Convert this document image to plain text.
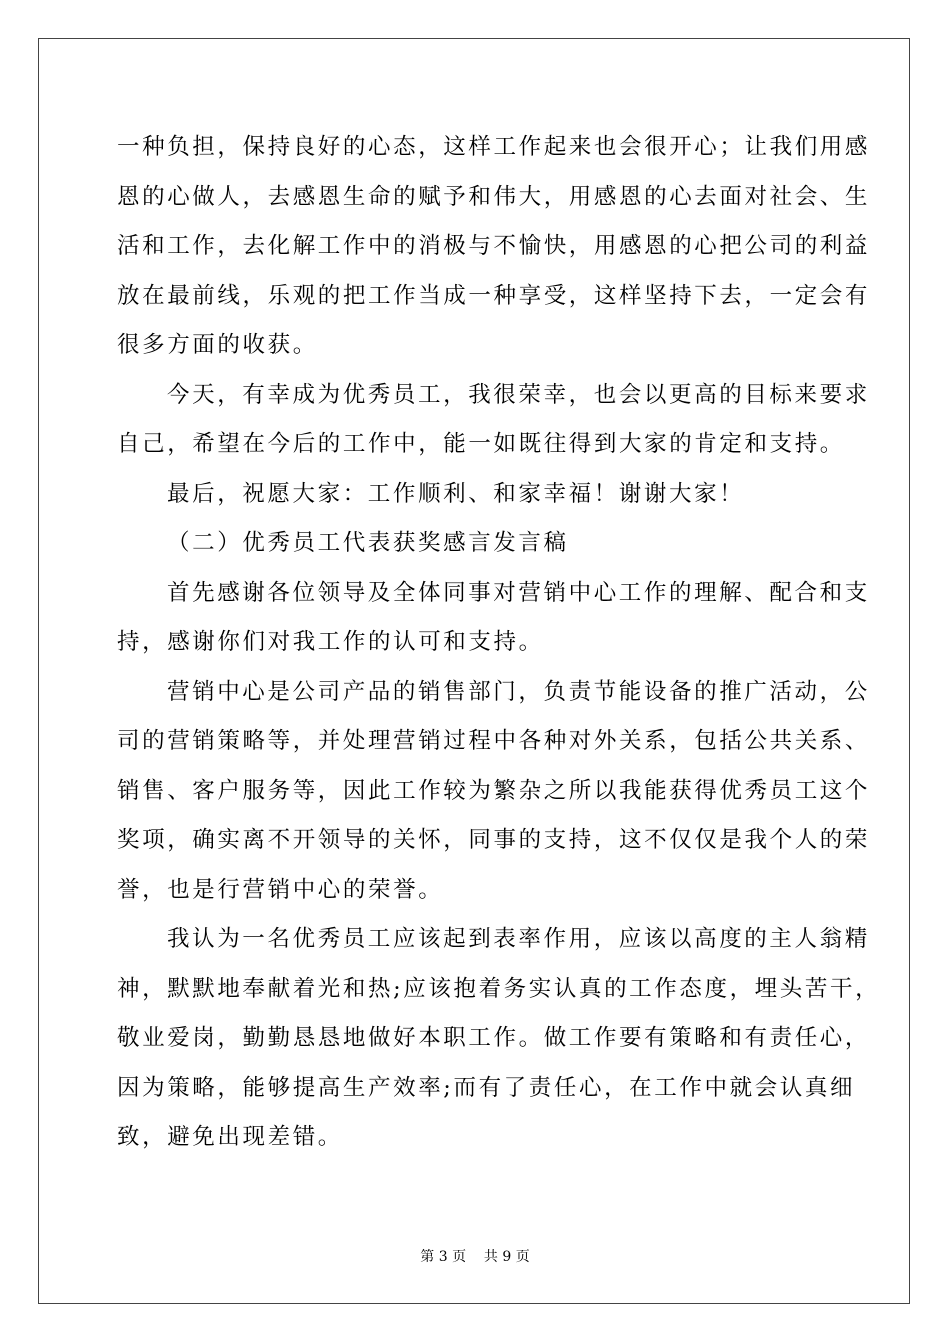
一种负担，保持良好的心态，这样工作起来也会很开心；让我们用感
恩的心做人，去感恩生命的赋予和伟大，用感恩的心去面对社会、生
活和工作，去化解工作中的消极与不愉快，用感恩的心把公司的利益
放在最前线，乐观的把工作当成一种享受，这样坚持下去，一定会有
很多方面的收获。
今天，有幸成为优秀员工，我很荣幸，也会以更高的目标来要求
自己，希望在今后的工作中，能一如既往得到大家的肯定和支持。
最后，祝愿大家：工作顺利、和家幸福！谢谢大家！
（二）优秀员工代表获奖感言发言稿
首先感谢各位领导及全体同事对营销中心工作的理解、配合和支
持，感谢你们对我工作的认可和支持。
营销中心是公司产品的销售部门，负责节能设备的推广活动，公
司的营销策略等，并处理营销过程中各种对外关系，包括公共关系、
销售、客户服务等，因此工作较为繁杂之所以我能获得优秀员工这个
奖项，确实离不开领导的关怀，同事的支持，这不仅仅是我个人的荣
誉，也是行营销中心的荣誉。
我认为一名优秀员工应该起到表率作用，应该以高度的主人翁精
神，默默地奉献着光和热;应该抱着务实认真的工作态度，埋头苦干，
敬业爱岗，勤勤恳恳地做好本职工作。做工作要有策略和有责任心，
因为策略，能够提高生产效率;而有了责任心，在工作中就会认真细
致，避免出现差错。
第 3 页 共 9 页
